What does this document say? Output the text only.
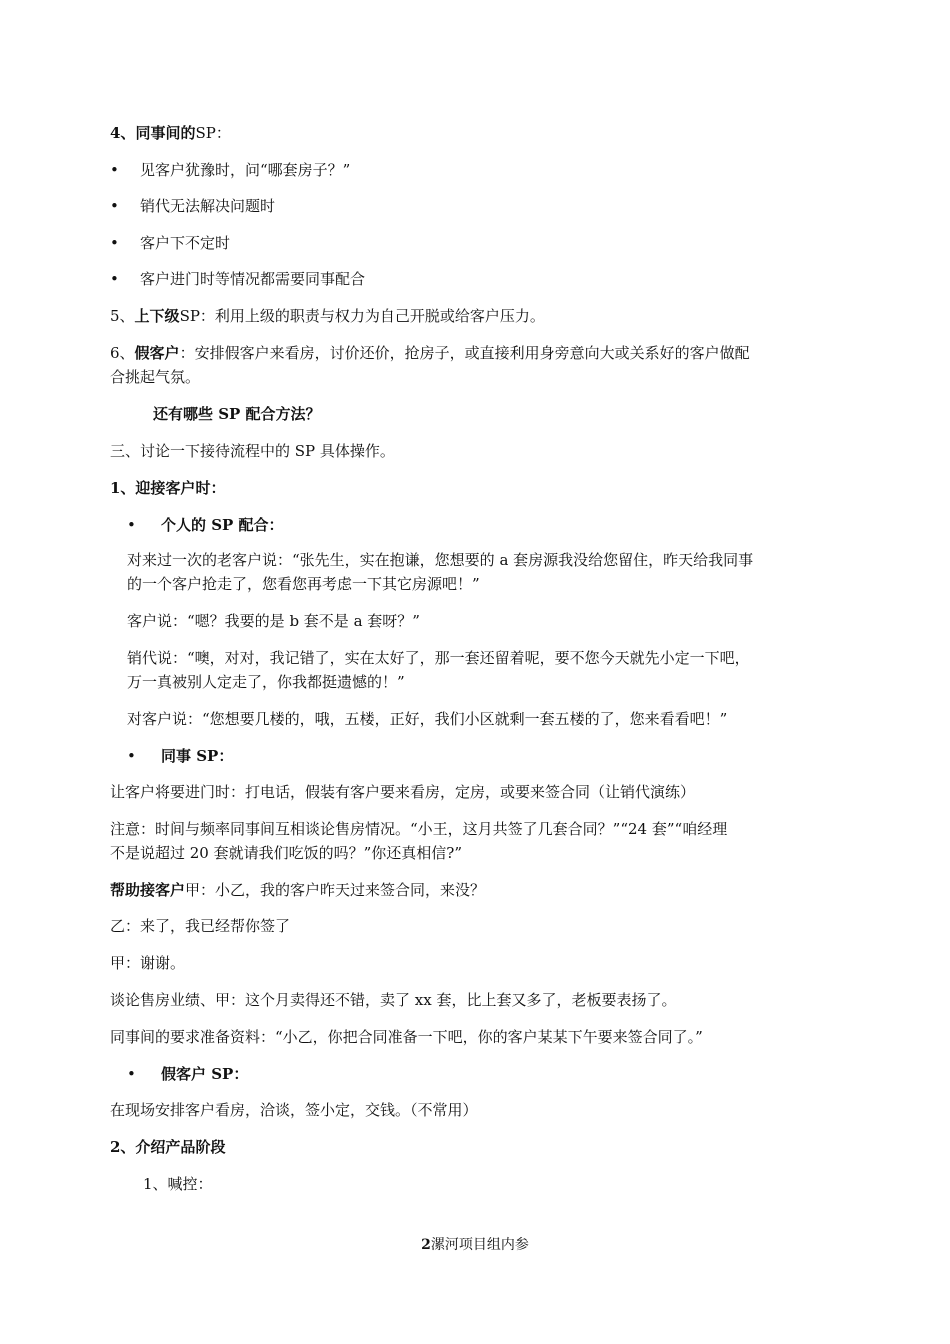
4、同事间的SP：
• 见客户犹豫时，问“哪套房子？”
• 销代无法解决问题时
• 客户下不定时
• 客户进门时等情况都需要同事配合
5、上下级SP：利用上级的职责与权力为自己开脱或给客户压力。
6、假客户：安排假客户来看房，讨价还价，抢房子，或直接利用身旁意向大或关系好的客户做配
合挑起气氛。
还有哪些 SP 配合方法？
三、讨论一下接待流程中的 SP 具体操作。
1、迎接客户时：
• 个人的 SP 配合：
对来过一次的老客户说：“张先生，实在抱谦，您想要的 a 套房源我没给您留住，昨天给我同事
的一个客户抢走了，您看您再考虑一下其它房源吧！”
客户说：“嗯？我要的是 b 套不是 a 套呀？”
销代说：“噢，对对，我记错了，实在太好了，那一套还留着呢，要不您今天就先小定一下吧，
万一真被别人定走了，你我都挺遗憾的！”
对客户说：“您想要几楼的，哦，五楼，正好，我们小区就剩一套五楼的了，您来看看吧！”
• 同事 SP：
让客户将要进门时：打电话，假装有客户要来看房，定房，或要来签合同（让销代演练）
注意：时间与频率同事间互相谈论售房情况。“小王，这月共签了几套合同？”“24 套”“咱经理
不是说超过 20 套就请我们吃饭的吗？”你还真相信?”
帮助接客户甲：小乙，我的客户昨天过来签合同，来没？
乙：来了，我已经帮你签了
甲：谢谢。
谈论售房业绩、甲：这个月卖得还不错，卖了 xx 套，比上套又多了，老板要表扬了。
同事间的要求准备资料：“小乙，你把合同准备一下吧，你的客户某某下午要来签合同了。”
• 假客户 SP：
在现场安排客户看房，洽谈，签小定，交钱。（不常用）
2、介绍产品阶段
1、喊控：
2漯河项目组内参
